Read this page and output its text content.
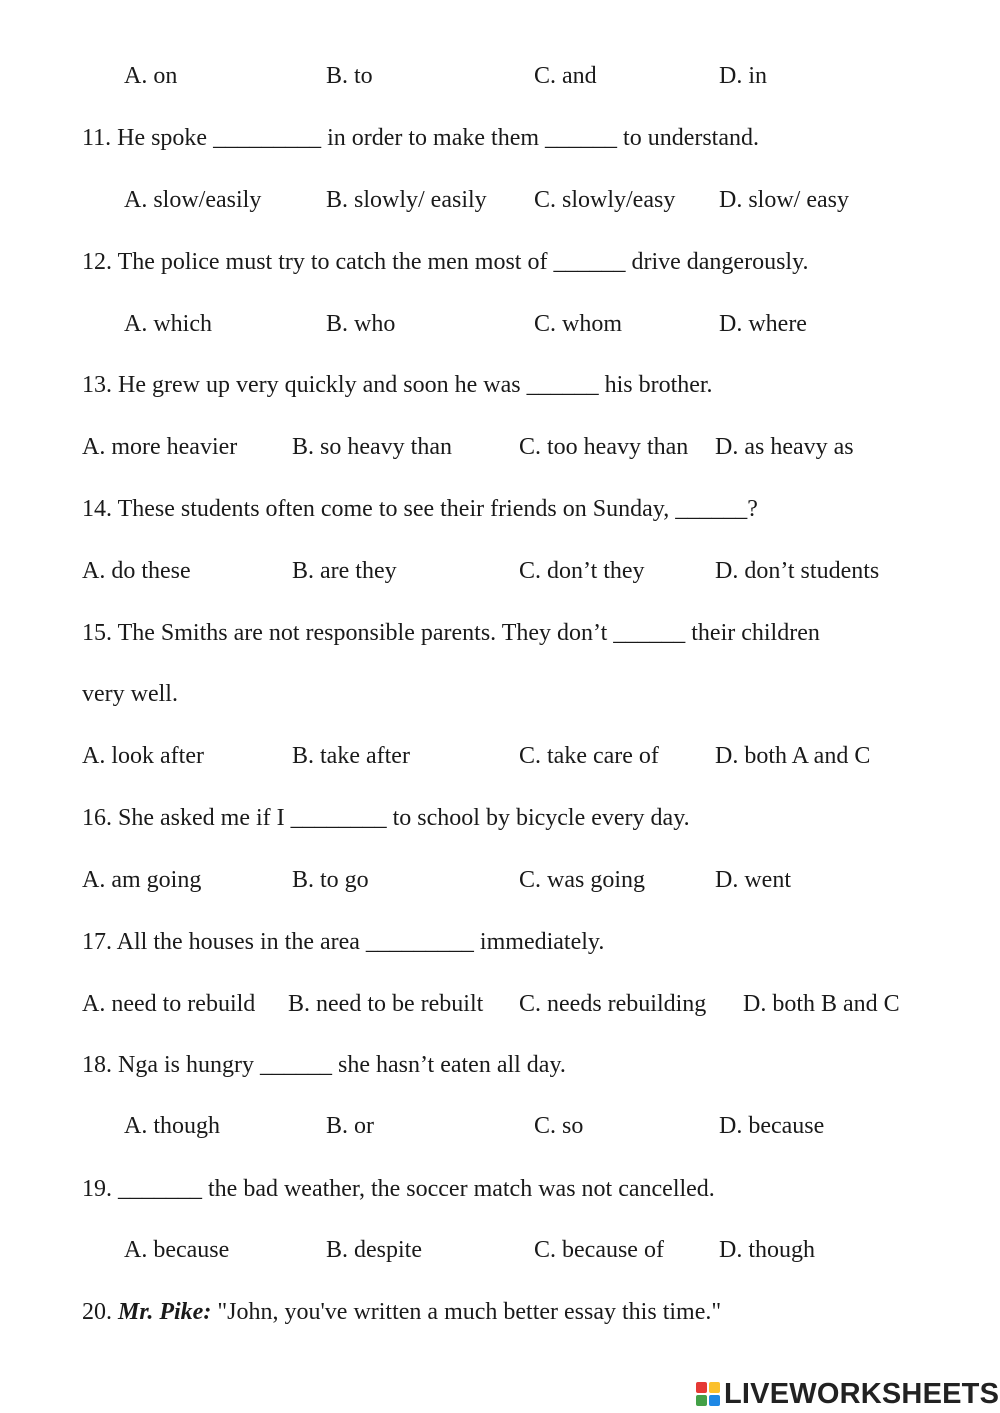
A. on	B. to	C. and	D. in
11. He spoke _________ in order to make them ______ to understand.
A. slow/easily	B. slowly/ easily C. slowly/easy D. slow/ easy
12. The police must try to catch the men most of ______ drive dangerously.
A. which	B. who	C. whom	D. where
13. He grew up very quickly and soon he was ______ his brother.
A. more heavier B. so heavy than	C. too heavy than D. as heavy as
14. These students often come to see their friends on Sunday, ______?
A. do these	B. are they	C. don’t they	D. don’t students
15. The Smiths are not responsible parents. They don’t ______ their children
very well.
A. look after	B. take after	C. take care of D. both A and C
16. She asked me if I ________ to school by bicycle every day.
A. am going	B. to go	C. was going	D. went
17. All the houses in the area _________ immediately.
A. need to rebuild B. need to be rebuilt C. needs rebuilding D. both B and C
18. Nga is hungry ______ she hasn’t eaten all day.
A. though	B. or	C. so	D. because
19. _______ the bad weather, the soccer match was not cancelled.
A. because	B. despite	C. because of D. though
20. Mr. Pike: "John, you've written a much better essay this time."
LIVE WORKSHEETS
